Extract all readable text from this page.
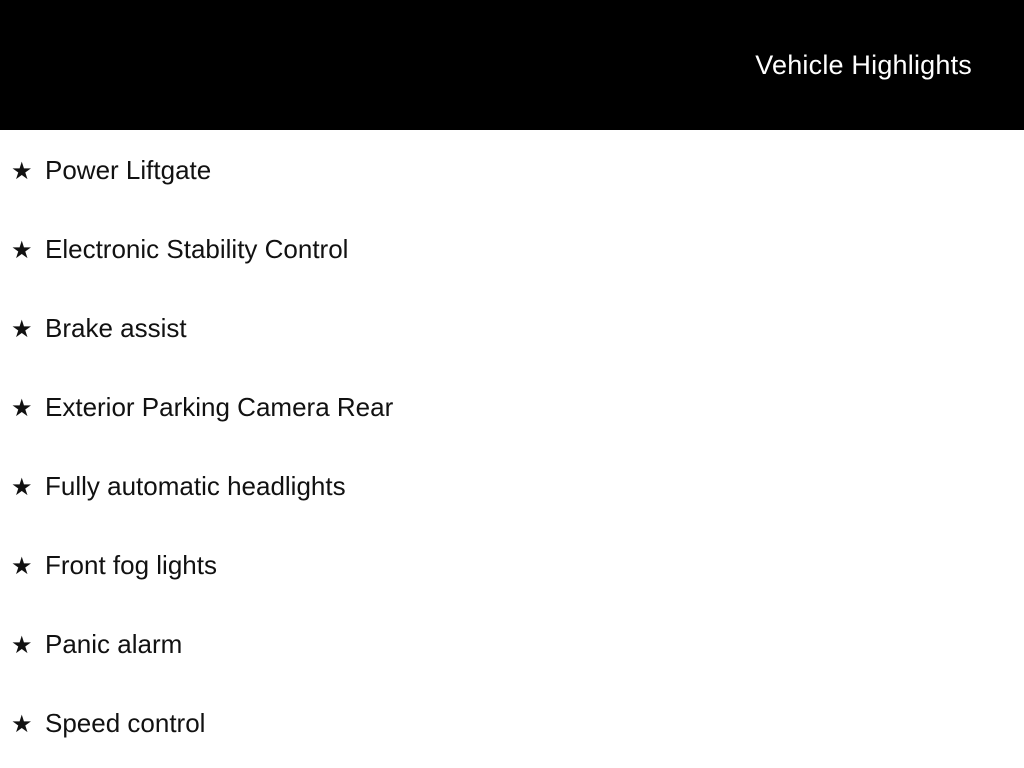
Vehicle Highlights
★ Power Liftgate
★ Electronic Stability Control
★ Brake assist
★ Exterior Parking Camera Rear
★ Fully automatic headlights
★ Front fog lights
★ Panic alarm
★ Speed control
